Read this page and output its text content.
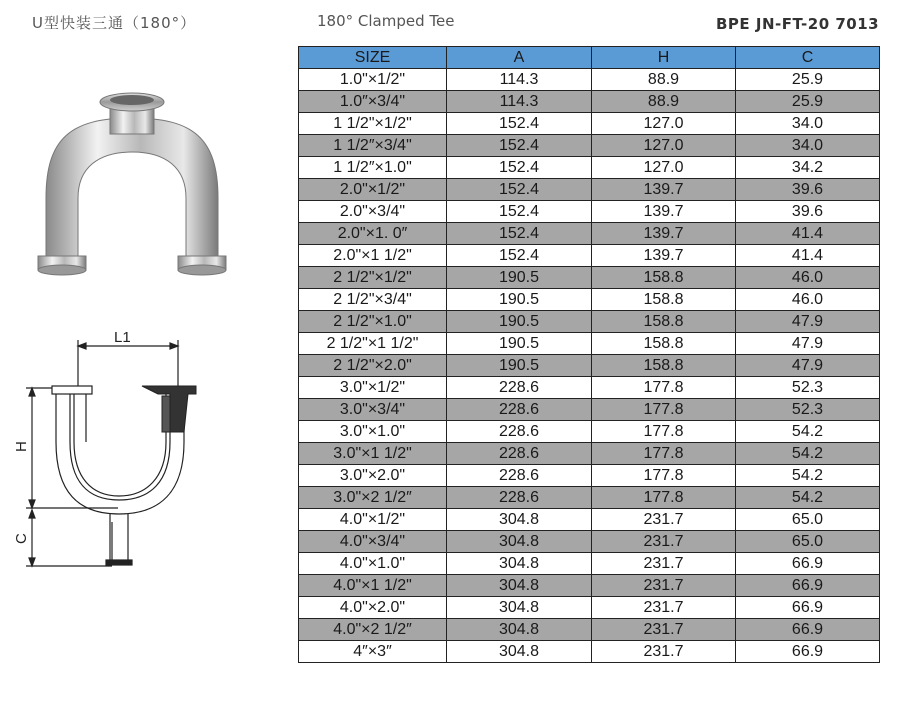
U型快装三通（180°）	180° Clamped Tee	BPE JN-FT-20 7013
L1
H
C
SIZE	A	H	C
1.0"×1/2"	114.3	88.9	25.9
1.0″×3/4"	114.3	88.9	25.9
1 1/2"×1/2"	152.4	127.0	34.0
1 1/2″×3/4"	152.4	127.0	34.0
1 1/2″×1.0"	152.4	127.0	34.2
2.0"×1/2"	152.4	139.7	39.6
2.0"×3/4"	152.4	139.7	39.6
2.0"×1. 0″	152.4	139.7	41.4
2.0"×1 1/2"	152.4	139.7	41.4
2 1/2"×1/2"	190.5	158.8	46.0
2 1/2"×3/4"	190.5	158.8	46.0
2 1/2"×1.0"	190.5	158.8	47.9
2 1/2"×1 1/2"	190.5	158.8	47.9
2 1/2"×2.0"	190.5	158.8	47.9
3.0"×1/2"	228.6	177.8	52.3
3.0"×3/4"	228.6	177.8	52.3
3.0"×1.0"	228.6	177.8	54.2
3.0"×1 1/2"	228.6	177.8	54.2
3.0"×2.0"	228.6	177.8	54.2
3.0"×2 1/2″	228.6	177.8	54.2
4.0"×1/2"	304.8	231.7	65.0
4.0"×3/4"	304.8	231.7	65.0
4.0"×1.0"	304.8	231.7	66.9
4.0"×1 1/2"	304.8	231.7	66.9
4.0"×2.0"	304.8	231.7	66.9
4.0"×2 1/2″	304.8	231.7	66.9
4″×3″	304.8	231.7	66.9
